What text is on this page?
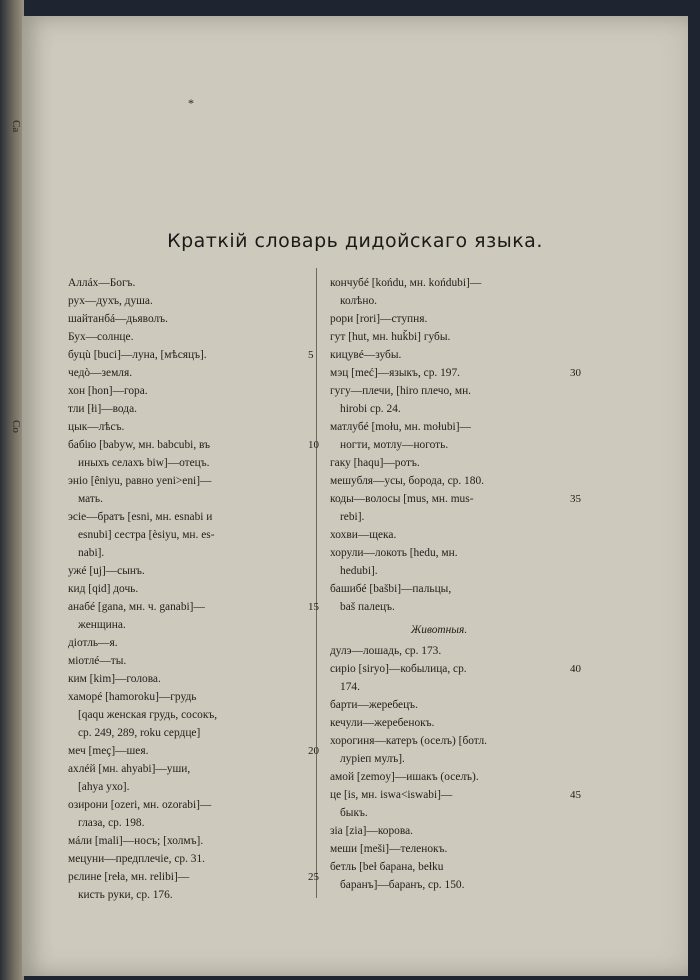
Ca
Co
*
Краткій словарь дидойскаго языка.
Аллáх—Богъ.
рух—духъ, душа.
шайтанбá—дьяволъ.
Бух—солнце.
буцù [buci]—луна, [мѣсяцъ].	5
чедò—земля.
хон [hon]—гора.
тли [łi]—вода.
цык—лѣсъ.
бабію [babyw, мн. babcubi, въ
иныхъ селахъ biw]—отецъ.
10
эніо [êniyu, равно yeni>eni]—
мать.
эсіе—братъ [esni, мн. esnabi и
esnubi] сестра [èsiyu, мн. es-
nabi].
ужé [uj]—сынъ.
кид [qid] дочь.
анабé [gana, мн. ч. ganabi]—
женщина.
15
діотль—я.
міотлé—ты.
ким [kim]—голова.
хаморé [hamoroku]—грудь
[qaqu женская грудь, сосокъ,
ср. 249, 289, roku сердце]
меч [meç]—шея.	20
ахлéй [мн. ahyabi]—уши,
[ahya ухо].
озирони [ozeri, мн. ozorabi]—
глаза, ср. 198.
мáли [mali]—носъ; [холмъ].
мецуни—предплечіе, ср. 31.
рєлине [reła, мн. relibi]—
кисть руки, ср. 176.
25
кончубé [końdu, мн. końdubi]—
колѣно.
рори [rori]—ступня.
гут [hut, мн. huǩbi] губы.
кицувé—зубы.
мэц [meć]—языкъ, ср. 197.	30
гугу—плечи, [hiro плечо, мн.
hirobi ср. 24.
матлубé [mołu, мн. mołubi]—
ногти, мотлу—ноготь.
гаку [haqu]—ротъ.
мешубля—усы, борода, ср. 180.
коды—волосы [mus, мн. mus-
rebi].
35
хохви—щека.
хорули—локоть [hedu, мн.
hedubi].
башибé [bašbi]—пальцы,
baš палецъ.
Животныя.
дулэ—лошадь, ср. 173.
сиріо [siryo]—кобылица, ср.
174.
40
барти—жеребецъ.
кечули—жеребенокъ.
хорогиня—катеръ (оселъ) [ботл.
лурiеп мулъ].
амой [zemoy]—ишакъ (оселъ).
це [is, мн. iswa<iswabi]—
быкъ.
45
зіа [zia]—корова.
меши [meši]—теленокъ.
бетль [beł барана, bełku
баранъ]—баранъ, ср. 150.
